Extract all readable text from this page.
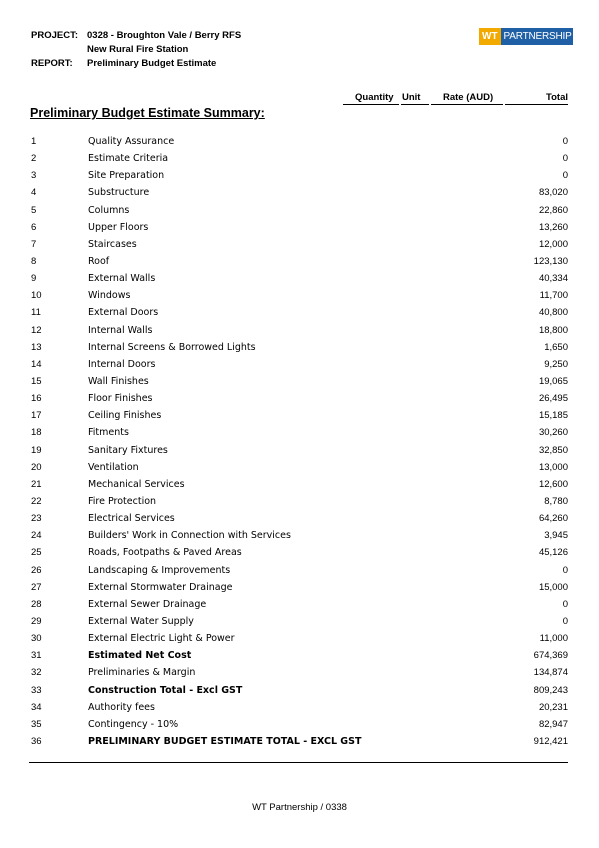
PROJECT: 0328 - Broughton Vale / Berry RFS
New Rural Fire Station
REPORT: Preliminary Budget Estimate
WT PARTNERSHIP
Quantity Unit Rate (AUD)	Total
Preliminary Budget Estimate Summary:
1	Quality Assurance	0
2	Estimate Criteria	0
3	Site Preparation	0
4	Substructure	83,020
5	Columns	22,860
6	Upper Floors	13,260
7	Staircases	12,000
8	Roof	123,130
9	External Walls	40,334
10	Windows	11,700
11	External Doors	40,800
12	Internal Walls	18,800
13	Internal Screens & Borrowed Lights	1,650
14	Internal Doors	9,250
15	Wall Finishes	19,065
16	Floor Finishes	26,495
17	Ceiling Finishes	15,185
18	Fitments	30,260
19	Sanitary Fixtures	32,850
20	Ventilation	13,000
21	Mechanical Services	12,600
22	Fire Protection	8,780
23	Electrical Services	64,260
24	Builders' Work in Connection with Services	3,945
25	Roads, Footpaths & Paved Areas	45,126
26	Landscaping & Improvements	0
27	External Stormwater Drainage	15,000
28	External Sewer Drainage	0
29	External Water Supply	0
30	External Electric Light & Power	11,000
31	Estimated Net Cost	674,369
32	Preliminaries & Margin	134,874
33	Construction Total - Excl GST	809,243
34	Authority fees	20,231
35	Contingency - 10%	82,947
36	PRELIMINARY BUDGET ESTIMATE TOTAL - EXCL GST	912,421
WT Partnership / 0338
